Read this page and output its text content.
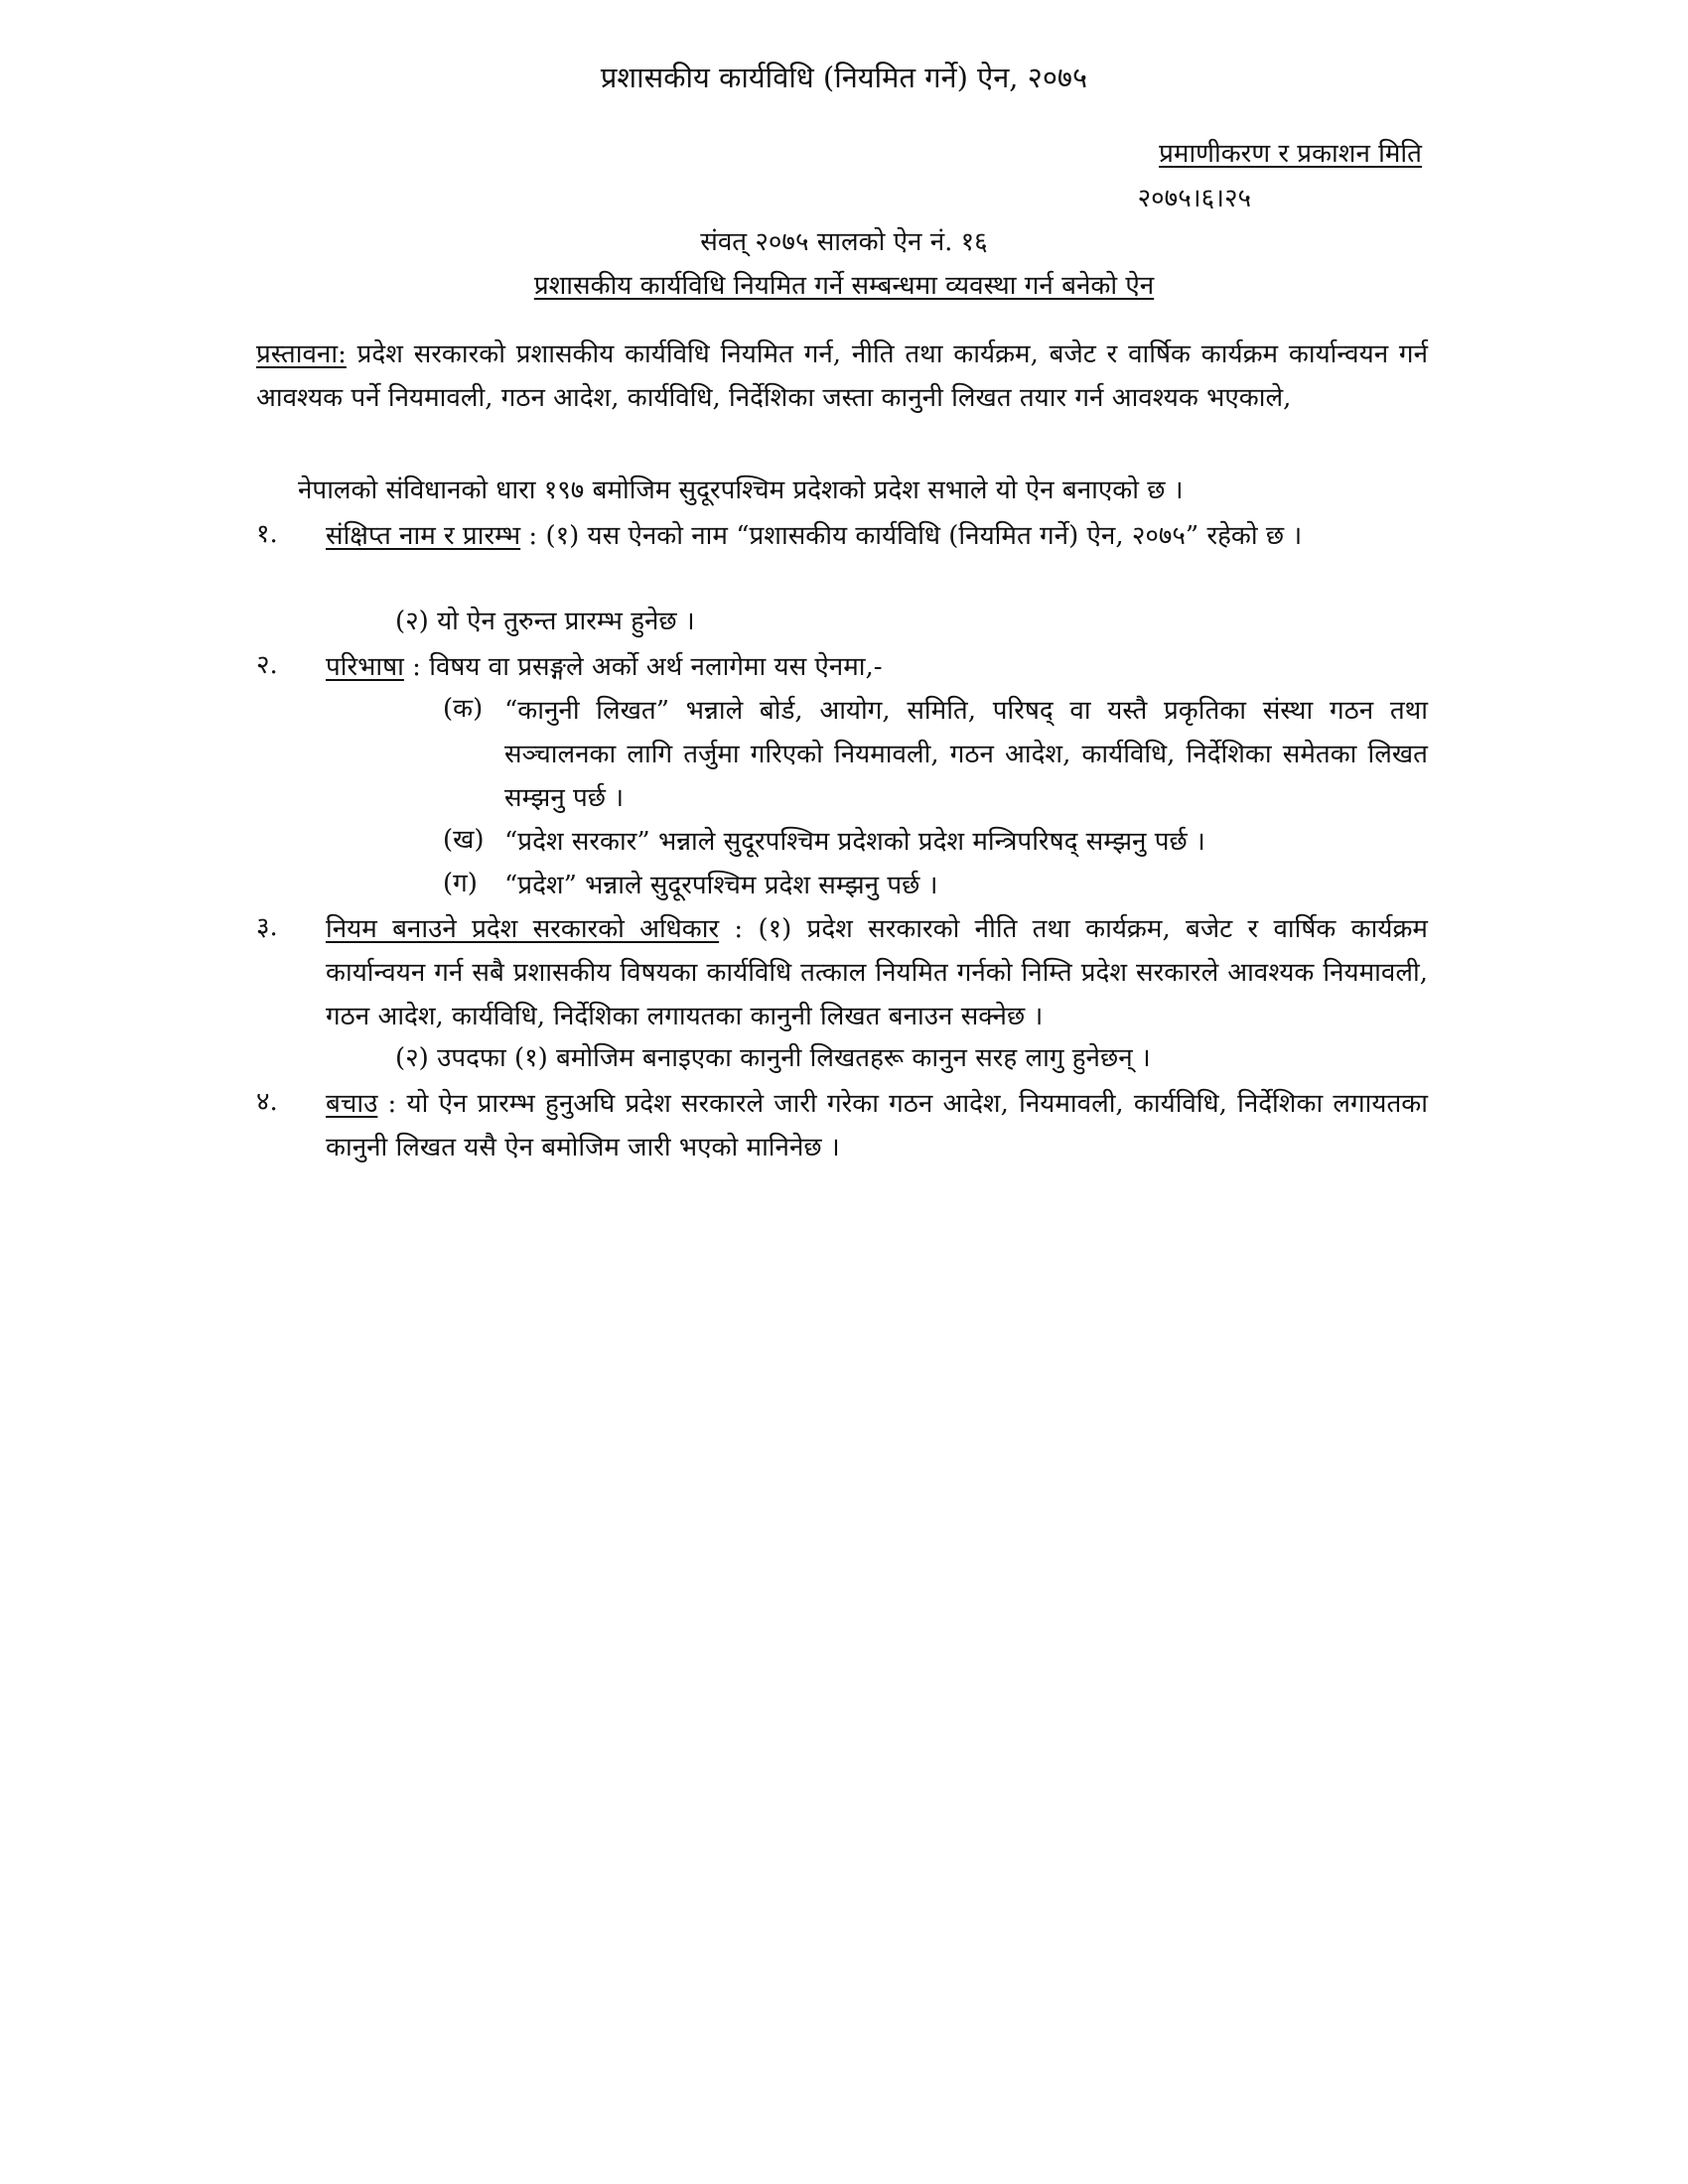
प्रशासकीय कार्यविधि (नियमित गर्ने) ऐन, २०७५
प्रमाणीकरण र प्रकाशन मिति
२०७५।६।२५
संवत् २०७५ सालको ऐन नं. १६
प्रशासकीय कार्यविधि नियमित गर्ने सम्बन्धमा व्यवस्था गर्न बनेको ऐन
प्रस्तावना: प्रदेश सरकारको प्रशासकीय कार्यविधि नियमित गर्न, नीति तथा कार्यक्रम, बजेट र वार्षिक कार्यक्रम कार्यान्वयन गर्न आवश्यक पर्ने नियमावली, गठन आदेश, कार्यविधि, निर्देशिका जस्ता कानुनी लिखत तयार गर्न आवश्यक भएकाले,
नेपालको संविधानको धारा १९७ बमोजिम सुदूरपश्चिम प्रदेशको प्रदेश सभाले यो ऐन बनाएको छ ।
१. संक्षिप्त नाम र प्रारम्भ : (१) यस ऐनको नाम “प्रशासकीय कार्यविधि (नियमित गर्ने) ऐन, २०७५” रहेको छ ।
(२) यो ऐन तुरुन्त प्रारम्भ हुनेछ ।
२. परिभाषा : विषय वा प्रसङ्गले अर्को अर्थ नलागेमा यस ऐनमा,-
(क) “कानुनी लिखत” भन्नाले बोर्ड, आयोग, समिति, परिषद् वा यस्तै प्रकृतिका संस्था गठन तथा सञ्चालनका लागि तर्जुमा गरिएको नियमावली, गठन आदेश, कार्यविधि, निर्देशिका समेतका लिखत सम्झनु पर्छ ।
(ख) “प्रदेश सरकार” भन्नाले सुदूरपश्चिम प्रदेशको प्रदेश मन्त्रिपरिषद् सम्झनु पर्छ ।
(ग) “प्रदेश” भन्नाले सुदूरपश्चिम प्रदेश सम्झनु पर्छ ।
३. नियम बनाउने प्रदेश सरकारको अधिकार : (१) प्रदेश सरकारको नीति तथा कार्यक्रम, बजेट र वार्षिक कार्यक्रम कार्यान्वयन गर्न सबै प्रशासकीय विषयका कार्यविधि तत्काल नियमित गर्नको निम्ति प्रदेश सरकारले आवश्यक नियमावली, गठन आदेश, कार्यविधि, निर्देशिका लगायतका कानुनी लिखत बनाउन सक्नेछ ।
(२) उपदफा (१) बमोजिम बनाइएका कानुनी लिखतहरू कानुन सरह लागु हुनेछन् ।
४. बचाउ : यो ऐन प्रारम्भ हुनुअघि प्रदेश सरकारले जारी गरेका गठन आदेश, नियमावली, कार्यविधि, निर्देशिका लगायतका कानुनी लिखत यसै ऐन बमोजिम जारी भएको मानिनेछ ।
